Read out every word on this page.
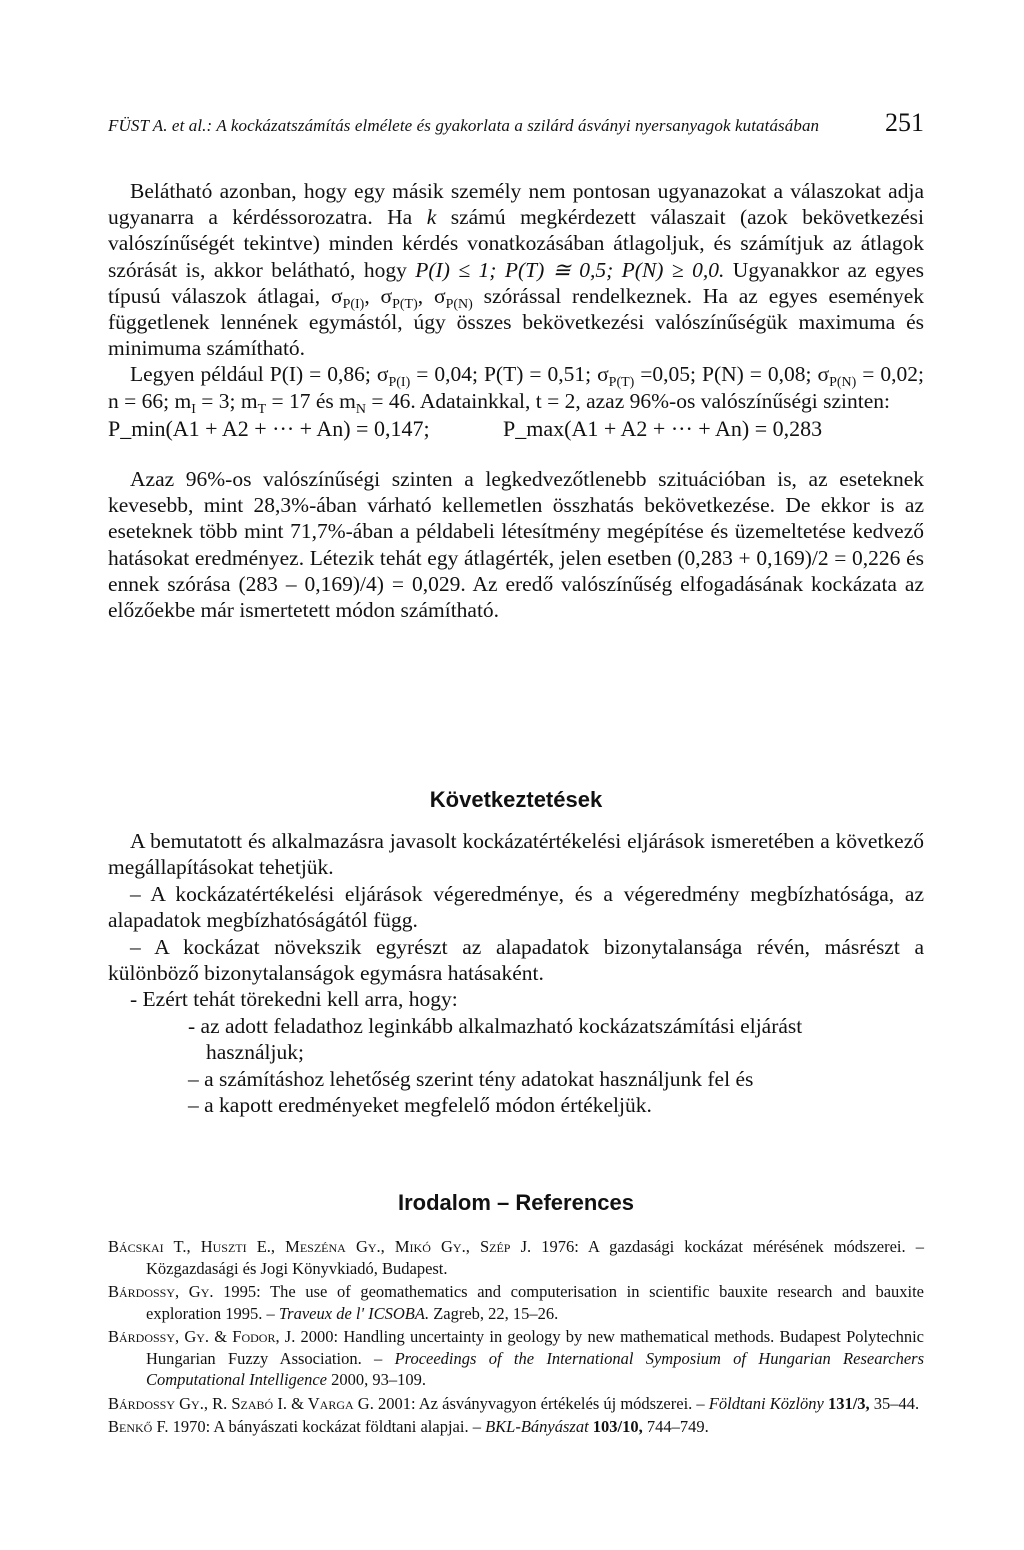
FÜST A. et al.: A kockázatszámítás elmélete és gyakorlata a szilárd ásványi nyersanyagok kutatásában	251

Belátható azonban, hogy egy másik személy nem pontosan ugyanazokat a válaszokat adja ugyanarra a kérdéssorozatra. Ha k számú megkérdezett válaszait (azok bekövetkezési valószínűségét tekintve) minden kérdés vonatkozásában átlagoljuk, és számítjuk az átlagok szórását is, akkor belátható, hogy P(I) ≤ 1; P(T) ≅ 0,5; P(N) ≥ 0,0. Ugyanakkor az egyes típusú válaszok átlagai, $\sigma_{P(I)}$, $\sigma_{P(T)}$, $\sigma_{P(N)}$ szórással rendelkeznek. Ha az egyes események függetlenek lennének egymástól, úgy összes bekövetkezési valószínűségük maximuma és minimuma számítható.

Legyen például P(I) = 0,86; $\sigma_{P(I)} = 0,04$; P(T) = 0,51; $\sigma_{P(T)} =0,05$; P(N) = 0,08; $\sigma_{P(N)} = 0,02$; n = 66; $m_I = 3$; $m_T = 17$ és $m_N = 46$. Adatainkkal, t = 2, azaz 96%-os valószínűségi szinten:

P_min(A1 + A2 + ··· + An) = 0,147;	P_max(A1 + A2 + ··· + An) = 0,283

Azaz 96%-os valószínűségi szinten a legkedvezőtlenebb szituációban is, az eseteknek kevesebb, mint 28,3%-ában várható kellemetlen összhatás bekövetkezése. De ekkor is az eseteknek több mint 71,7%-ában a példabeli létesítmény megépítése és üzemeltetése kedvező hatásokat eredményez. Létezik tehát egy átlagérték, jelen esetben (0,283 + 0,169)/2 = 0,226 és ennek szórása (283 – 0,169)/4) = 0,029. Az eredő valószínűség elfogadásának kockázata az előzőekbe már ismertetett módon számítható.

Következtetések

A bemutatott és alkalmazásra javasolt kockázatértékelési eljárások ismeretében a következő megállapításokat tehetjük.

– A kockázatértékelési eljárások végeredménye, és a végeredmény megbízhatósága, az alapadatok megbízhatóságától függ.

– A kockázat növekszik egyrészt az alapadatok bizonytalansága révén, másrészt a különböző bizonytalanságok egymásra hatásaként.

- Ezért tehát törekedni kell arra, hogy:

- az adott feladathoz leginkább alkalmazható kockázatszámítási eljárást
használjuk;

– a számításhoz lehetőség szerint tény adatokat használjunk fel és

– a kapott eredményeket megfelelő módon értékeljük.

Irodalom – References

Bácskai T., Huszti E., Meszéna Gy., Mikó Gy., Szép J. 1976: A gazdasági kockázat mérésének módszerei. – Közgazdasági és Jogi Könyvkiadó, Budapest.

Bárdossy, Gy. 1995: The use of geomathematics and computerisation in scientific bauxite research and bauxite exploration 1995. – Traveux de l' ICSOBA. Zagreb, 22, 15–26.

Bárdossy, Gy. & Fodor, J. 2000: Handling uncertainty in geology by new mathematical methods. Budapest Polytechnic Hungarian Fuzzy Association. – Proceedings of the International Symposium of Hungarian Researchers Computational Intelligence 2000, 93–109.

Bárdossy Gy., R. Szabó I. & Varga G. 2001: Az ásványvagyon értékelés új módszerei. – Földtani Közlöny 131/3, 35–44.

Benkő F. 1970: A bányászati kockázat földtani alapjai. – BKL-Bányászat 103/10, 744–749.
